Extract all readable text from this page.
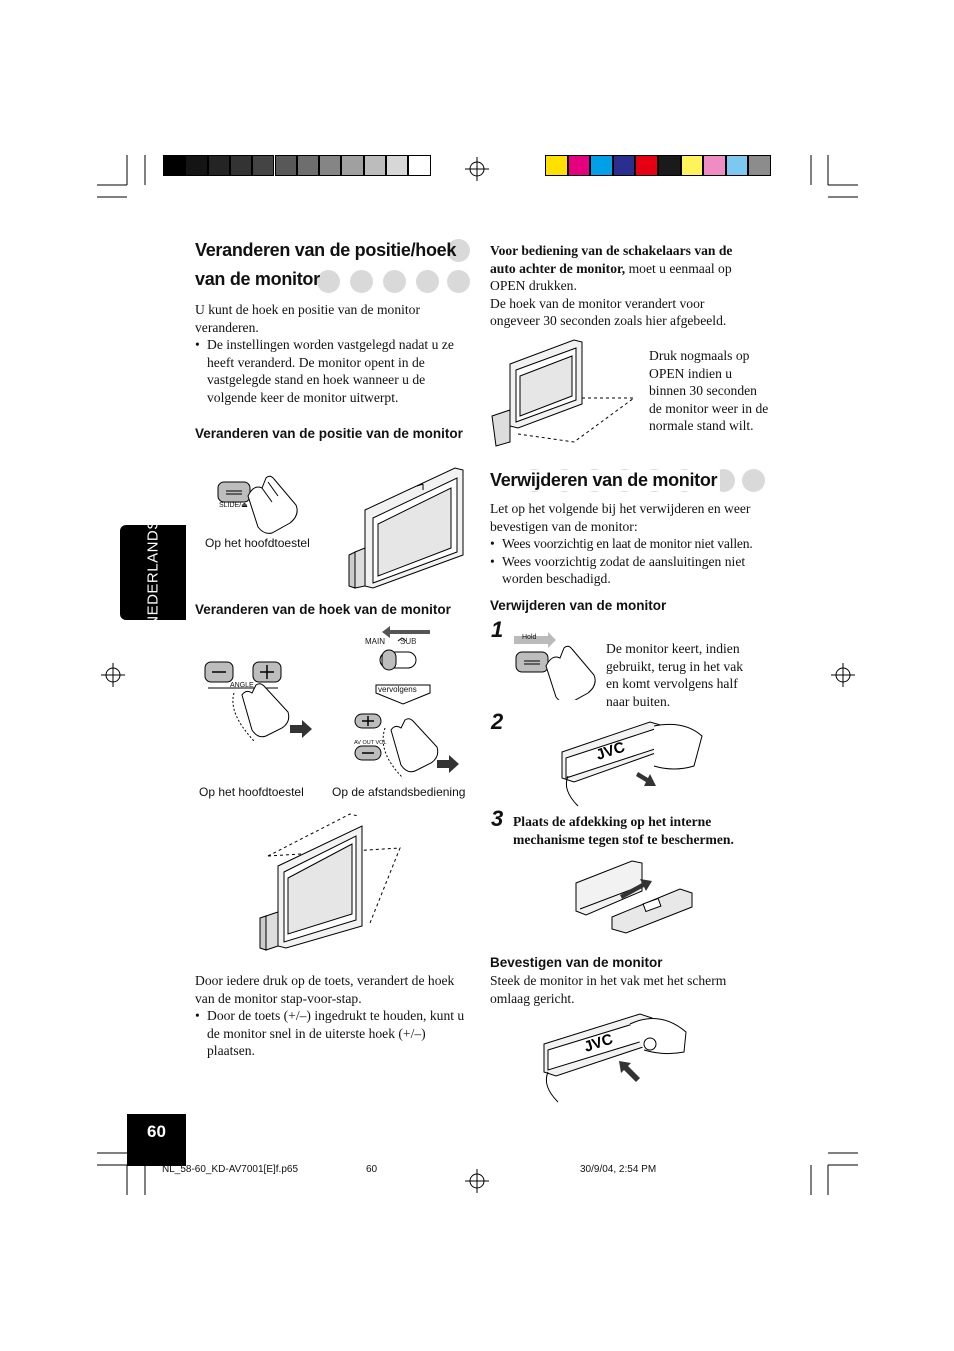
NEDERLANDS
60
NL_58-60_KD-AV7001[E]f.p65	60	30/9/04, 2:54 PM
Veranderen van de positie/hoek
van de monitor
U kunt de hoek en positie van de monitor veranderen.
• De instellingen worden vastgelegd nadat u ze heeft veranderd. De monitor opent in de vastgelegde stand en hoek wanneer u de volgende keer de monitor uitwerpt.
Veranderen van de positie van de monitor
SLIDE/⏏
Op het hoofdtoestel
Veranderen van de hoek van de monitor
ANGLE
MAIN SUB
vervolgens
AV OUT VOL
Op het hoofdtoestel Op de afstandsbediening
Door iedere druk op de toets, verandert de hoek van de monitor stap-voor-stap.
• Door de toets (+/–) ingedrukt te houden, kunt u de monitor snel in de uiterste hoek (+/–) plaatsen.
Voor bediening van de schakelaars van de auto achter de monitor, moet u eenmaal op OPEN drukken.
De hoek van de monitor verandert voor ongeveer 30 seconden zoals hier afgebeeld.
Druk nogmaals op OPEN indien u binnen 30 seconden de monitor weer in de normale stand wilt.
Verwijderen van de monitor
Let op het volgende bij het verwijderen en weer bevestigen van de monitor:
• Wees voorzichtig en laat de monitor niet vallen.
• Wees voorzichtig zodat de aansluitingen niet worden beschadigd.
Verwijderen van de monitor
1	Hold
De monitor keert, indien gebruikt, terug in het vak en komt vervolgens half naar buiten.
2
JVC
3 Plaats de afdekking op het interne mechanisme tegen stof te beschermen.
Bevestigen van de monitor
Steek de monitor in het vak met het scherm omlaag gericht.
JVC
